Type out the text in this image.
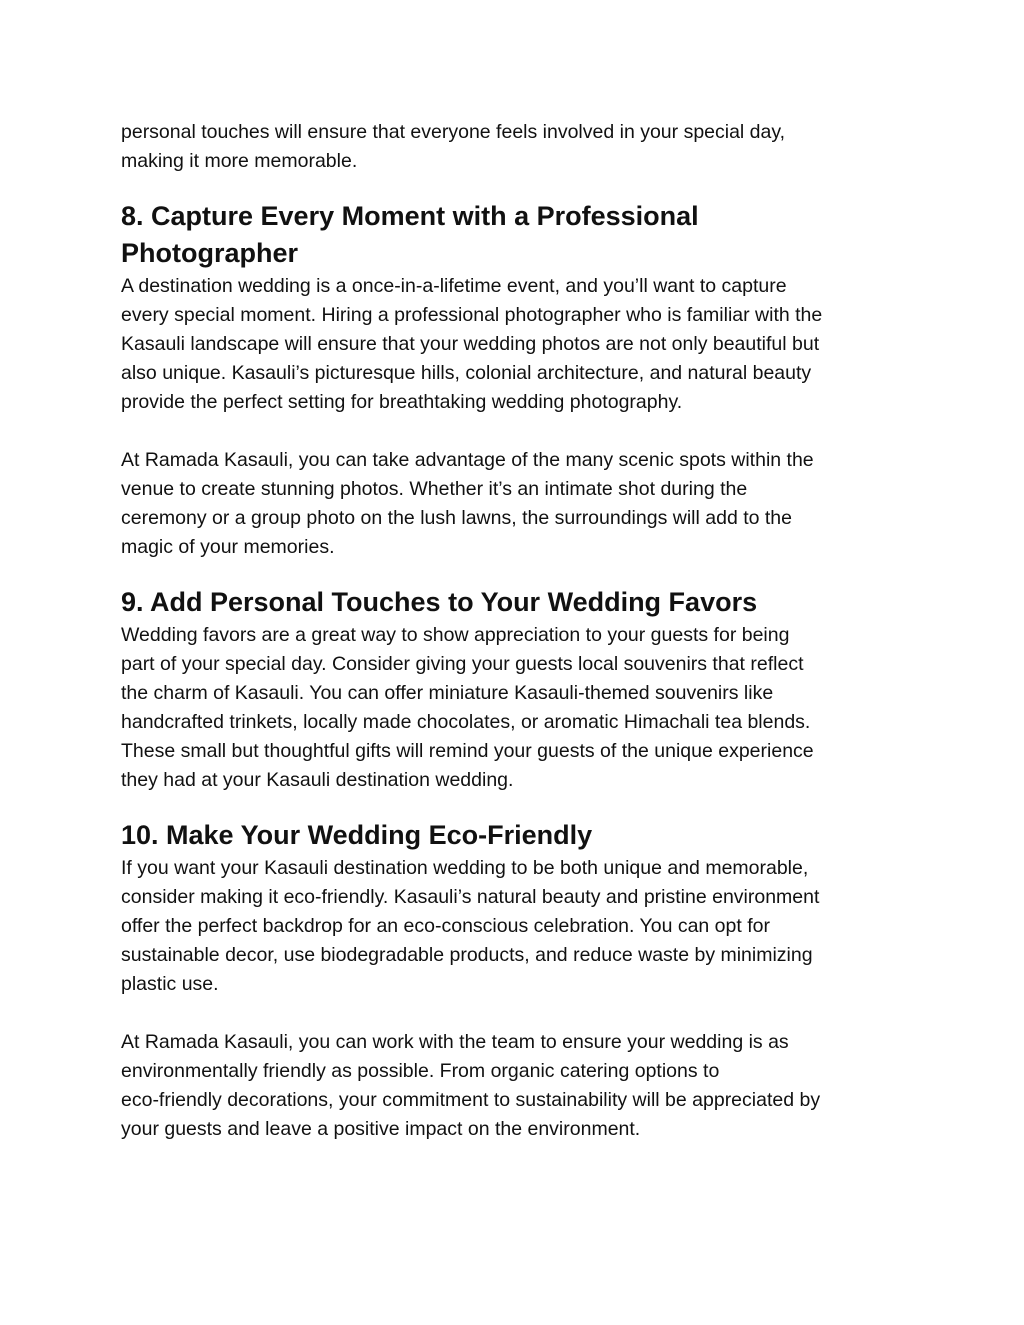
personal touches will ensure that everyone feels involved in your special day,
making it more memorable.

8. Capture Every Moment with a Professional
Photographer

A destination wedding is a once-in-a-lifetime event, and you’ll want to capture
every special moment. Hiring a professional photographer who is familiar with the
Kasauli landscape will ensure that your wedding photos are not only beautiful but
also unique. Kasauli’s picturesque hills, colonial architecture, and natural beauty
provide the perfect setting for breathtaking wedding photography.

At Ramada Kasauli, you can take advantage of the many scenic spots within the
venue to create stunning photos. Whether it’s an intimate shot during the
ceremony or a group photo on the lush lawns, the surroundings will add to the
magic of your memories.

9. Add Personal Touches to Your Wedding Favors

Wedding favors are a great way to show appreciation to your guests for being
part of your special day. Consider giving your guests local souvenirs that reflect
the charm of Kasauli. You can offer miniature Kasauli-themed souvenirs like
handcrafted trinkets, locally made chocolates, or aromatic Himachali tea blends.
These small but thoughtful gifts will remind your guests of the unique experience
they had at your Kasauli destination wedding.

10. Make Your Wedding Eco-Friendly

If you want your Kasauli destination wedding to be both unique and memorable,
consider making it eco-friendly. Kasauli’s natural beauty and pristine environment
offer the perfect backdrop for an eco-conscious celebration. You can opt for
sustainable decor, use biodegradable products, and reduce waste by minimizing
plastic use.

At Ramada Kasauli, you can work with the team to ensure your wedding is as
environmentally friendly as possible. From organic catering options to
eco-friendly decorations, your commitment to sustainability will be appreciated by
your guests and leave a positive impact on the environment.
